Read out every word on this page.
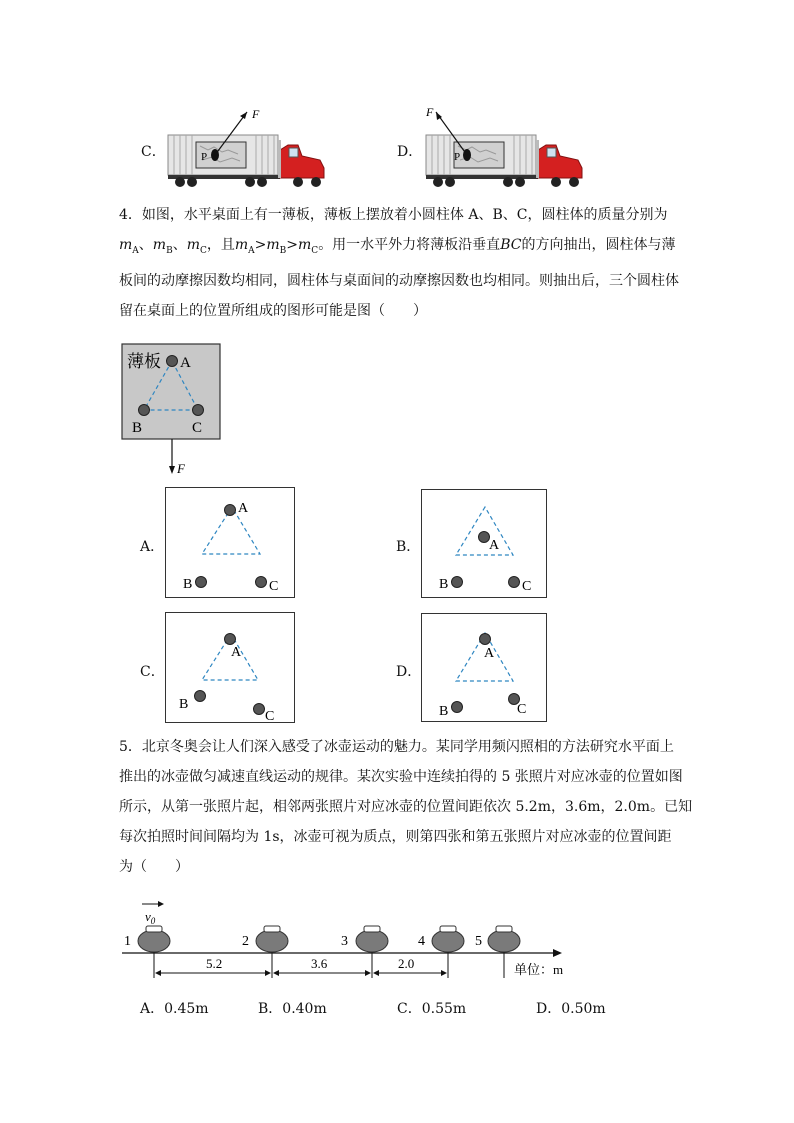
C．	P
F
D．	P
F
4．如图，水平桌面上有一薄板，薄板上摆放着小圆柱体 A、B、C，圆柱体的质量分别为
$m_A$、$m_B$、$m_C$，且$m_A>m_B>m_C$。用一水平外力将薄板沿垂直BC的方向抽出，圆柱体与薄
板间的动摩擦因数均相同，圆柱体与桌面间的动摩擦因数也均相同。则抽出后，三个圆柱体
留在桌面上的位置所组成的图形可能是图（　　）
薄板 A
B	C
F
A．
A
B	C
B．	A
B	C
C．
A
B
C
D．
A
B	C
5．北京冬奥会让人们深入感受了冰壶运动的魅力。某同学用频闪照相的方法研究水平面上
推出的冰壶做匀减速直线运动的规律。某次实验中连续拍得的 5 张照片对应冰壶的位置如图
所示，从第一张照片起，相邻两张照片对应冰壶的位置间距依次 5.2m，3.6m，2.0m。已知
每次拍照时间间隔均为 1s，冰壶可视为质点，则第四张和第五张照片对应冰壶的位置间距
为（　　）
$v_0$
1	2	3	4	5
5.2	3.6	2.0	单位：m
A．0.45m	B．0.40m	C．0.55m	D．0.50m
